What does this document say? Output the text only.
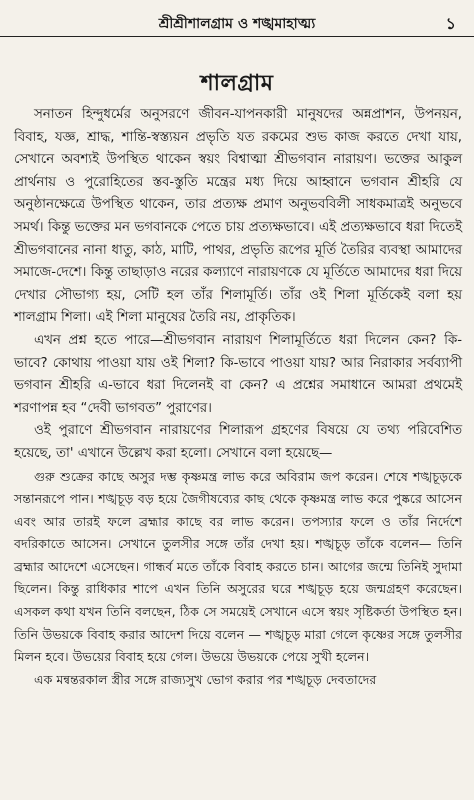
শ্রীশ্রীশালগ্রাম ও শঙ্খমাহাত্ম্য	১
শালগ্রাম

সনাতন হিন্দুধর্মের অনুসরণে জীবন-যাপনকারী মানুষদের অন্নপ্রাশন, উপনয়ন, বিবাহ, যজ্ঞ, শ্রাদ্ধ, শান্তি-স্বস্ত্যয়ন প্রভৃতি যত রকমের শুভ কাজ করতে দেখা যায়, সেখানে অবশ্যই উপস্থিত থাকেন স্বয়ং বিশ্বাত্মা শ্রীভগবান নারায়ণ। ভক্তের আকুল প্রার্থনায় ও পুরোহিতের স্তব-স্তুতি মন্ত্রের মধ্য দিয়ে আহ্বানে ভগবান শ্রীহরি যে অনুষ্ঠানক্ষেত্রে উপস্থিত থাকেন, তার প্রত্যক্ষ প্রমাণ অনুভববিলী সাধকমাত্রই অনুভবে সমর্থ। কিন্তু ভক্তের মন ভগবানকে পেতে চায় প্রত্যক্ষভাবে। এই প্রত্যক্ষভাবে ধরা দিতেই শ্রীভগবানের নানা ধাতু, কাঠ, মাটি, পাথর, প্রভৃতি রূপের মূর্তি তৈরির ব্যবস্থা আমাদের সমাজে-দেশে। কিন্তু তাছাড়াও নরের কল্যাণে নারায়ণকে যে মূর্তিতে আমাদের ধরা দিয়ে দেখার সৌভাগ্য হয়, সেটি হল তাঁর শিলামূর্তি। তাঁর ওই শিলা মূর্তিকেই বলা হয় শালগ্রাম শিলা। এই শিলা মানুষের তৈরি নয়, প্রাকৃতিক।

এখন প্রশ্ন হতে পারে—শ্রীভগবান নারায়ণ শিলামূর্তিতে ধরা দিলেন কেন? কি-ভাবে? কোথায় পাওয়া যায় ওই শিলা? কি-ভাবে পাওয়া যায়? আর নিরাকার সর্বব্যাপী ভগবান শ্রীহরি এ-ভাবে ধরা দিলেনই বা কেন? এ প্রশ্নের সমাধানে আমরা প্রথমেই শরণাপন্ন হব “দেবী ভাগবত” পুরাণের।

ওই পুরাণে শ্রীভগবান নারায়ণের শিলারূপ গ্রহণের বিষয়ে যে তথ্য পরিবেশিত হয়েছে, তা' এখানে উল্লেখ করা হলো। সেখানে বলা হয়েছে—

গুরু শুক্রের কাছে অসুর দম্ভ কৃষ্ণমন্ত্র লাভ করে অবিরাম জপ করেন। শেষে শঙ্খচূড়কে সন্তানরূপে পান। শঙ্খচূড় বড় হয়ে জৈগীষব্যের কাছ থেকে কৃষ্ণমন্ত্র লাভ করে পুষ্করে আসেন এবং আর তারই ফলে ব্রহ্মার কাছে বর লাভ করেন। তপস্যার ফলে ও তাঁর নির্দেশে বদরিকাতে আসেন। সেখানে তুলসীর সঙ্গে তাঁর দেখা হয়। শঙ্খচূড় তাঁকে বলেন— তিনি ব্রহ্মার আদেশে এসেছেন। গান্ধর্ব মতে তাঁকে বিবাহ করতে চান। আগের জন্মে তিনিই সুদামা ছিলেন। কিন্তু রাধিকার শাপে এখন তিনি অসুরের ঘরে শঙ্খচূড় হয়ে জন্মগ্রহণ করেছেন। এসকল কথা যখন তিনি বলছেন, ঠিক সে সময়েই সেখানে এসে স্বয়ং সৃষ্টিকর্তা উপস্থিত হন। তিনি উভয়কে বিবাহ করার আদেশ দিয়ে বলেন — শঙ্খচূড় মারা গেলে কৃষ্ণের সঙ্গে তুলসীর মিলন হবে। উভয়ের বিবাহ হয়ে গেল। উভয়ে উভয়কে পেয়ে সুখী হলেন।

এক মন্বন্তরকাল স্ত্রীর সঙ্গে রাজ্যসুখ ভোগ করার পর শঙ্খচূড় দেবতাদের
